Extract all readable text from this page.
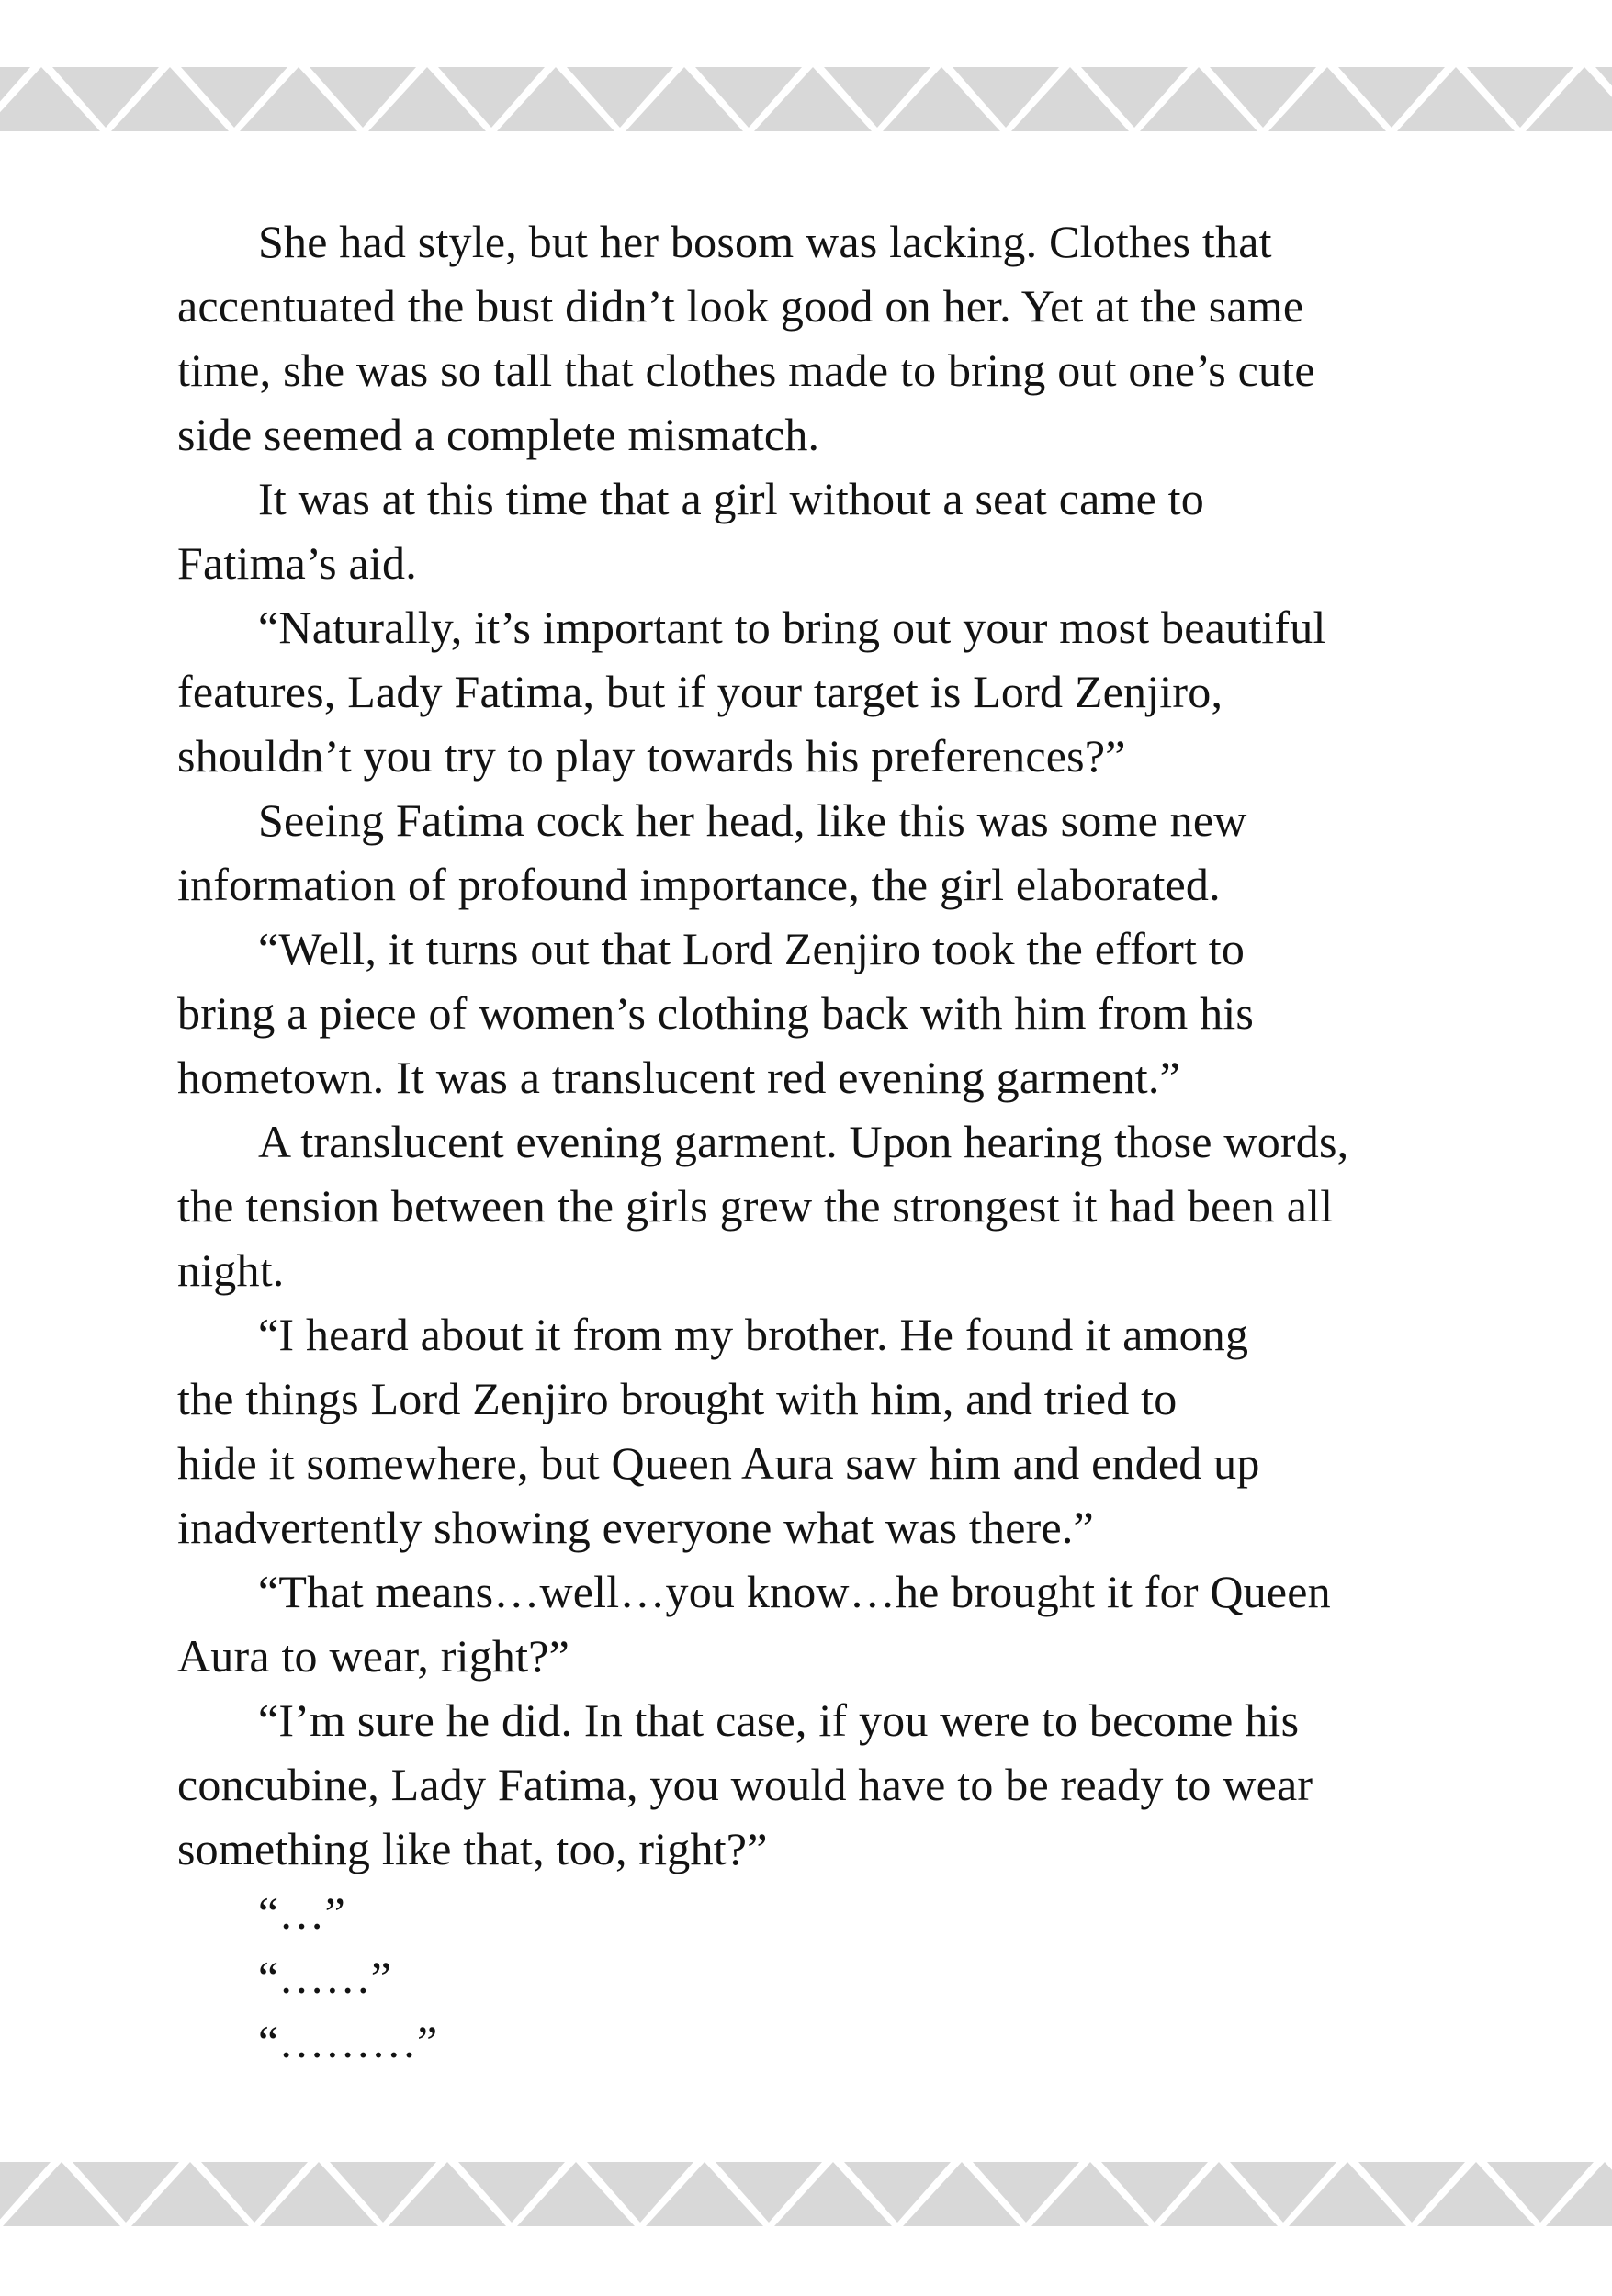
She had style, but her bosom was lacking. Clothes that
accentuated the bust didn’t look good on her. Yet at the same
time, she was so tall that clothes made to bring out one’s cute
side seemed a complete mismatch.
It was at this time that a girl without a seat came to
Fatima’s aid.
“Naturally, it’s important to bring out your most beautiful
features, Lady Fatima, but if your target is Lord Zenjiro,
shouldn’t you try to play towards his preferences?”
Seeing Fatima cock her head, like this was some new
information of profound importance, the girl elaborated.
“Well, it turns out that Lord Zenjiro took the effort to
bring a piece of women’s clothing back with him from his
hometown. It was a translucent red evening garment.”
A translucent evening garment. Upon hearing those words,
the tension between the girls grew the strongest it had been all
night.
“I heard about it from my brother. He found it among
the things Lord Zenjiro brought with him, and tried to
hide it somewhere, but Queen Aura saw him and ended up
inadvertently showing everyone what was there.”
“That means…well…you know…he brought it for Queen
Aura to wear, right?”
“I’m sure he did. In that case, if you were to become his
concubine, Lady Fatima, you would have to be ready to wear
something like that, too, right?”
“…”
“……”
“………”
